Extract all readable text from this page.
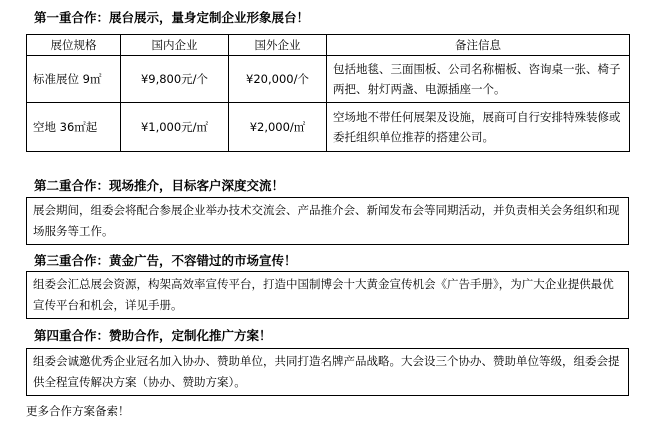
第一重合作：展台展示，量身定制企业形象展台！
展位规格	国内企业	国外企业	备注信息
标准展位 9㎡	¥9,800元/个	¥20,000/个	包括地毯、三面围板、公司名称楣板、咨询桌一张、椅子两把、射灯两盏、电源插座一个。
空地 36㎡起	¥1,000元/㎡	¥2,000/㎡	空场地不带任何展架及设施，展商可自行安排特殊装修或委托组织单位推荐的搭建公司。
第二重合作：现场推介，目标客户深度交流！
展会期间，组委会将配合参展企业举办技术交流会、产品推介会、新闻发布会等同期活动，并负责相关会务组织和现场服务等工作。
第三重合作：黄金广告，不容错过的市场宣传！
组委会汇总展会资源，构架高效率宣传平台，打造中国制博会十大黄金宣传机会《广告手册》，为广大企业提供最优宣传平台和机会，详见手册。
第四重合作：赞助合作，定制化推广方案！
组委会诚邀优秀企业冠名加入协办、赞助单位，共同打造名牌产品战略。大会设三个协办、赞助单位等级，组委会提供全程宣传解决方案（协办、赞助方案）。
更多合作方案备索！
